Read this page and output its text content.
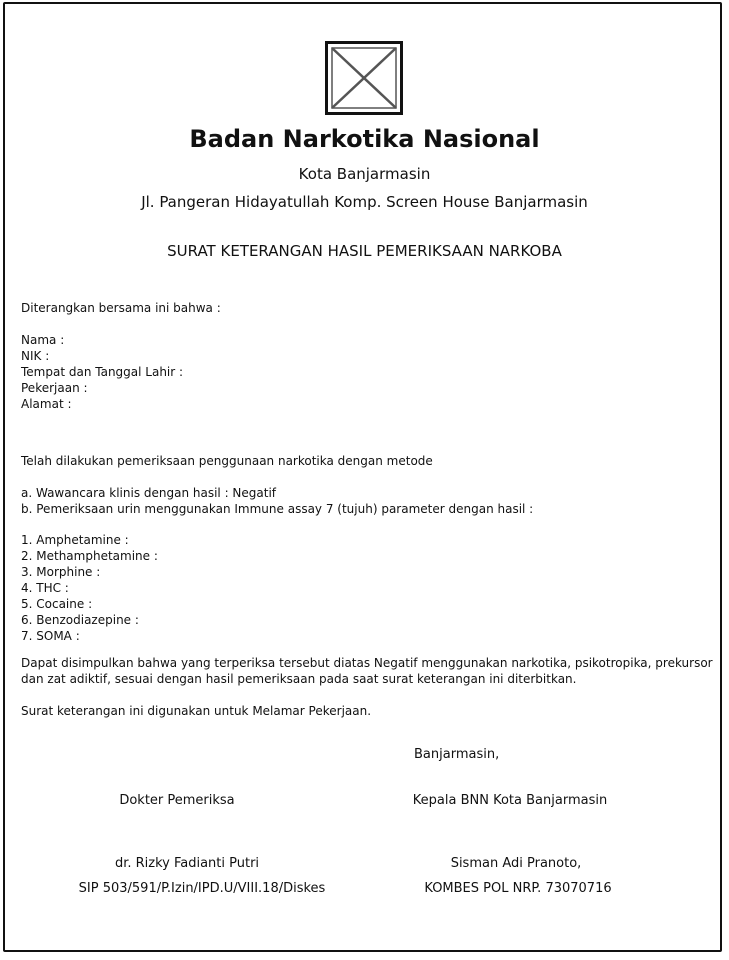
Badan Narkotika Nasional
Kota Banjarmasin
Jl. Pangeran Hidayatullah Komp. Screen House Banjarmasin
SURAT KETERANGAN HASIL PEMERIKSAAN NARKOBA
Diterangkan bersama ini bahwa :
Nama :
NIK :
Tempat dan Tanggal Lahir :
Pekerjaan :
Alamat :
Telah dilakukan pemeriksaan penggunaan narkotika dengan metode
a. Wawancara klinis dengan hasil : Negatif
b. Pemeriksaan urin menggunakan Immune assay 7 (tujuh) parameter dengan hasil :
1. Amphetamine :
2. Methamphetamine :
3. Morphine :
4. THC :
5. Cocaine :
6. Benzodiazepine :
7. SOMA :
Dapat disimpulkan bahwa yang terperiksa tersebut diatas Negatif menggunakan narkotika, psikotropika, prekursor
dan zat adiktif, sesuai dengan hasil pemeriksaan pada saat surat keterangan ini diterbitkan.
Surat keterangan ini digunakan untuk Melamar Pekerjaan.
Banjarmasin,
Dokter Pemeriksa	Kepala BNN Kota Banjarmasin
dr. Rizky Fadianti Putri	Sisman Adi Pranoto,
SIP 503/591/P.Izin/IPD.U/VIII.18/Diskes	KOMBES POL NRP. 73070716
